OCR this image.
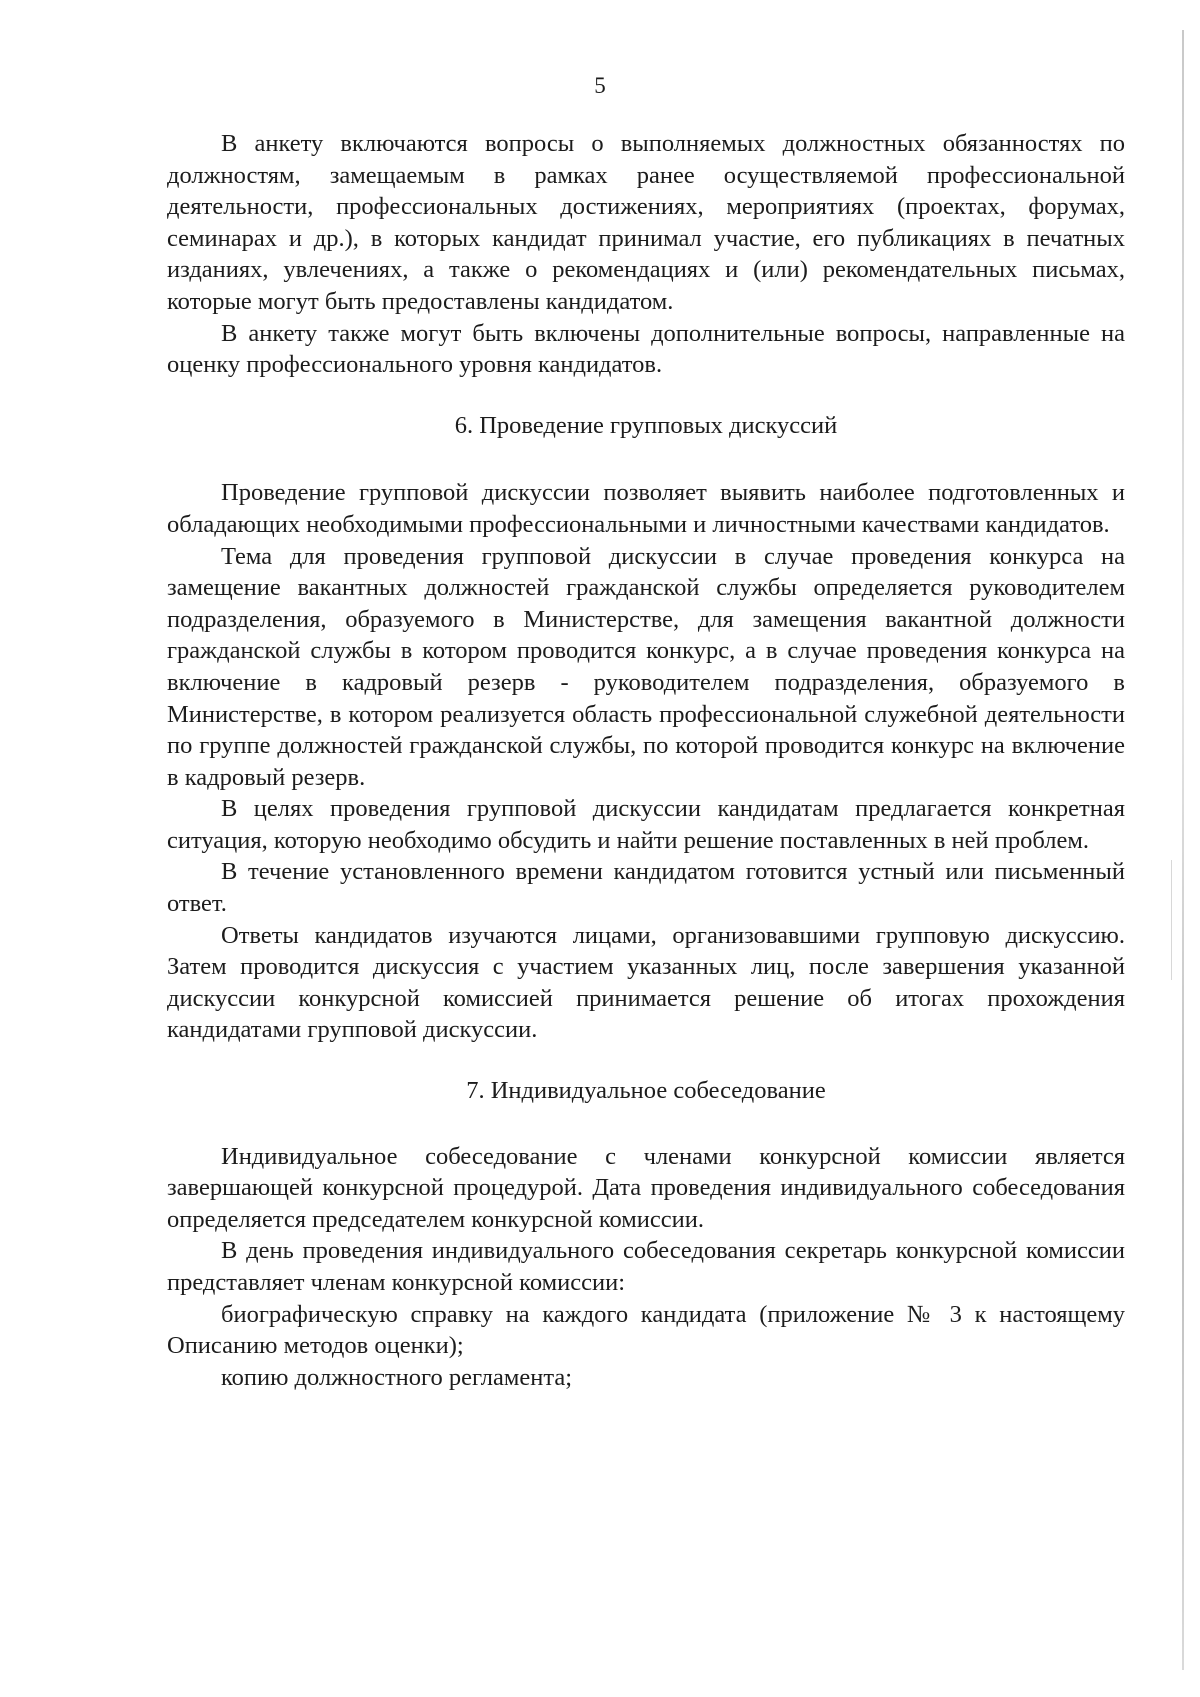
5

В анкету включаются вопросы о выполняемых должностных обязанностях по должностям, замещаемым в рамках ранее осуществляемой профессиональной деятельности, профессиональных достижениях, мероприятиях (проектах, форумах, семинарах и др.), в которых кандидат принимал участие, его публикациях в печатных изданиях, увлечениях, а также о рекомендациях и (или) рекомендательных письмах, которые могут быть предоставлены кандидатом.

В анкету также могут быть включены дополнительные вопросы, направленные на оценку профессионального уровня кандидатов.

6. Проведение групповых дискуссий

Проведение групповой дискуссии позволяет выявить наиболее подготовленных и обладающих необходимыми профессиональными и личностными качествами кандидатов.

Тема для проведения групповой дискуссии в случае проведения конкурса на замещение вакантных должностей гражданской службы определяется руководителем подразделения, образуемого в Министерстве, для замещения вакантной должности гражданской службы в котором проводится конкурс, а в случае проведения конкурса на включение в кадровый резерв - руководителем подразделения, образуемого в Министерстве, в котором реализуется область профессиональной служебной деятельности по группе должностей гражданской службы, по которой проводится конкурс на включение в кадровый резерв.

В целях проведения групповой дискуссии кандидатам предлагается конкретная ситуация, которую необходимо обсудить и найти решение поставленных в ней проблем.

В течение установленного времени кандидатом готовится устный или письменный ответ.

Ответы кандидатов изучаются лицами, организовавшими групповую дискуссию. Затем проводится дискуссия с участием указанных лиц, после завершения указанной дискуссии конкурсной комиссией принимается решение об итогах прохождения кандидатами групповой дискуссии.

7. Индивидуальное собеседование

Индивидуальное собеседование с членами конкурсной комиссии является завершающей конкурсной процедурой. Дата проведения индивидуального собеседования определяется председателем конкурсной комиссии.

В день проведения индивидуального собеседования секретарь конкурсной комиссии представляет членам конкурсной комиссии:

биографическую справку на каждого кандидата (приложение № 3 к настоящему Описанию методов оценки);

копию должностного регламента;
